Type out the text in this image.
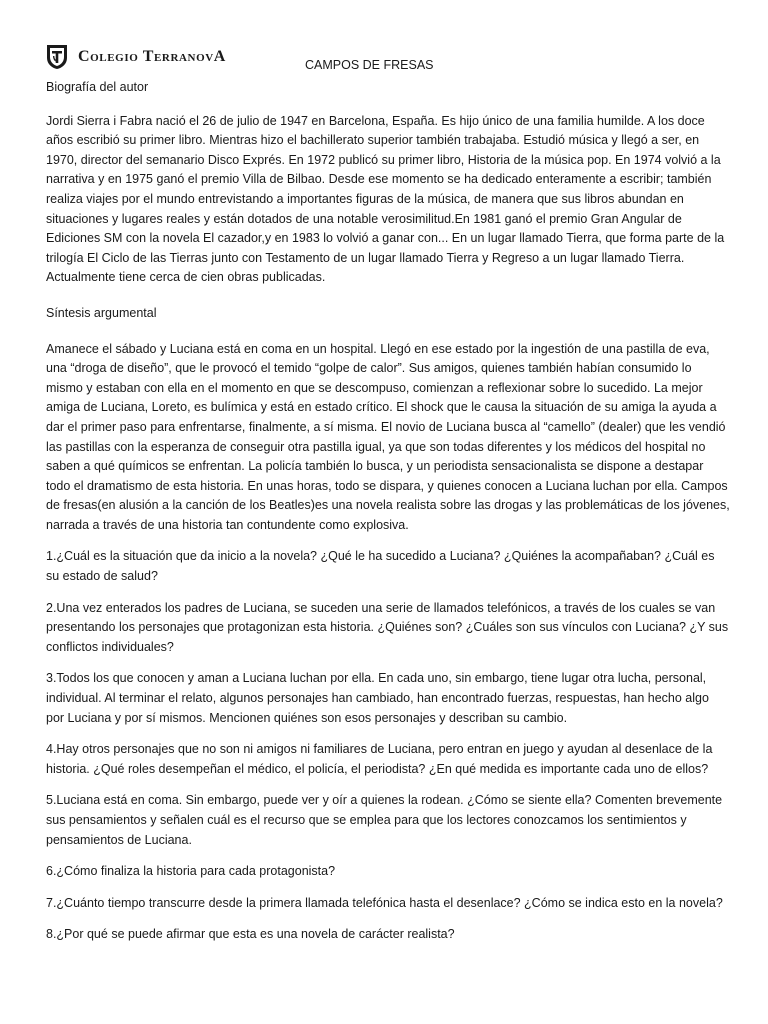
Colegio TerranovA	CAMPOS DE FRESAS

Biografía del autor

Jordi Sierra i Fabra nació el 26 de julio de 1947 en Barcelona, España. Es hijo único de una familia humilde. A los doce años escribió su primer libro. Mientras hizo el bachillerato superior también trabajaba. Estudió música y llegó a ser, en 1970, director del semanario Disco Exprés. En 1972 publicó su primer libro, Historia de la música pop. En 1974 volvió a la narrativa y en 1975 ganó el premio Villa de Bilbao. Desde ese momento se ha dedicado enteramente a escribir; también realiza viajes por el mundo entrevistando a importantes figuras de la música, de manera que sus libros abundan en situaciones y lugares reales y están dotados de una notable verosimilitud.En 1981 ganó el premio Gran Angular de Ediciones SM con la novela El cazador,y en 1983 lo volvió a ganar con... En un lugar llamado Tierra, que forma parte de la trilogía El Ciclo de las Tierras junto con Testamento de un lugar llamado Tierra y Regreso a un lugar llamado Tierra. Actualmente tiene cerca de cien obras publicadas.

Síntesis argumental

Amanece el sábado y Luciana está en coma en un hospital. Llegó en ese estado por la ingestión de una pastilla de eva, una “droga de diseño”, que le provocó el temido “golpe de calor”. Sus amigos, quienes también habían consumido lo mismo y estaban con ella en el momento en que se descompuso, comienzan a reflexionar sobre lo sucedido. La mejor amiga de Luciana, Loreto, es bulímica y está en estado crítico. El shock que le causa la situación de su amiga la ayuda a dar el primer paso para enfrentarse, finalmente, a sí misma. El novio de Luciana busca al “camello” (dealer) que les vendió las pastillas con la esperanza de conseguir otra pastilla igual, ya que son todas diferentes y los médicos del hospital no saben a qué químicos se enfrentan. La policía también lo busca, y un periodista sensacionalista se dispone a destapar todo el dramatismo de esta historia. En unas horas, todo se dispara, y quienes conocen a Luciana luchan por ella. Campos de fresas(en alusión a la canción de los Beatles)es una novela realista sobre las drogas y las problemáticas de los jóvenes, narrada a través de una historia tan contundente como explosiva.

1.¿Cuál es la situación que da inicio a la novela? ¿Qué le ha sucedido a Luciana? ¿Quiénes la acompañaban? ¿Cuál es su estado de salud?

2.Una vez enterados los padres de Luciana, se suceden una serie de llamados telefónicos, a través de los cuales se van presentando los personajes que protagonizan esta historia. ¿Quiénes son? ¿Cuáles son sus vínculos con Luciana? ¿Y sus conflictos individuales?

3.Todos los que conocen y aman a Luciana luchan por ella. En cada uno, sin embargo, tiene lugar otra lucha, personal, individual. Al terminar el relato, algunos personajes han cambiado, han encontrado fuerzas, respuestas, han hecho algo por Luciana y por sí mismos. Mencionen quiénes son esos personajes y describan su cambio.

4.Hay otros personajes que no son ni amigos ni familiares de Luciana, pero entran en juego y ayudan al desenlace de la historia. ¿Qué roles desempeñan el médico, el policía, el periodista? ¿En qué medida es importante cada uno de ellos?

5.Luciana está en coma. Sin embargo, puede ver y oír a quienes la rodean. ¿Cómo se siente ella? Comenten brevemente sus pensamientos y señalen cuál es el recurso que se emplea para que los lectores conozcamos los sentimientos y pensamientos de Luciana.

6.¿Cómo finaliza la historia para cada protagonista?

7.¿Cuánto tiempo transcurre desde la primera llamada telefónica hasta el desenlace? ¿Cómo se indica esto en la novela?

8.¿Por qué se puede afirmar que esta es una novela de carácter realista?
